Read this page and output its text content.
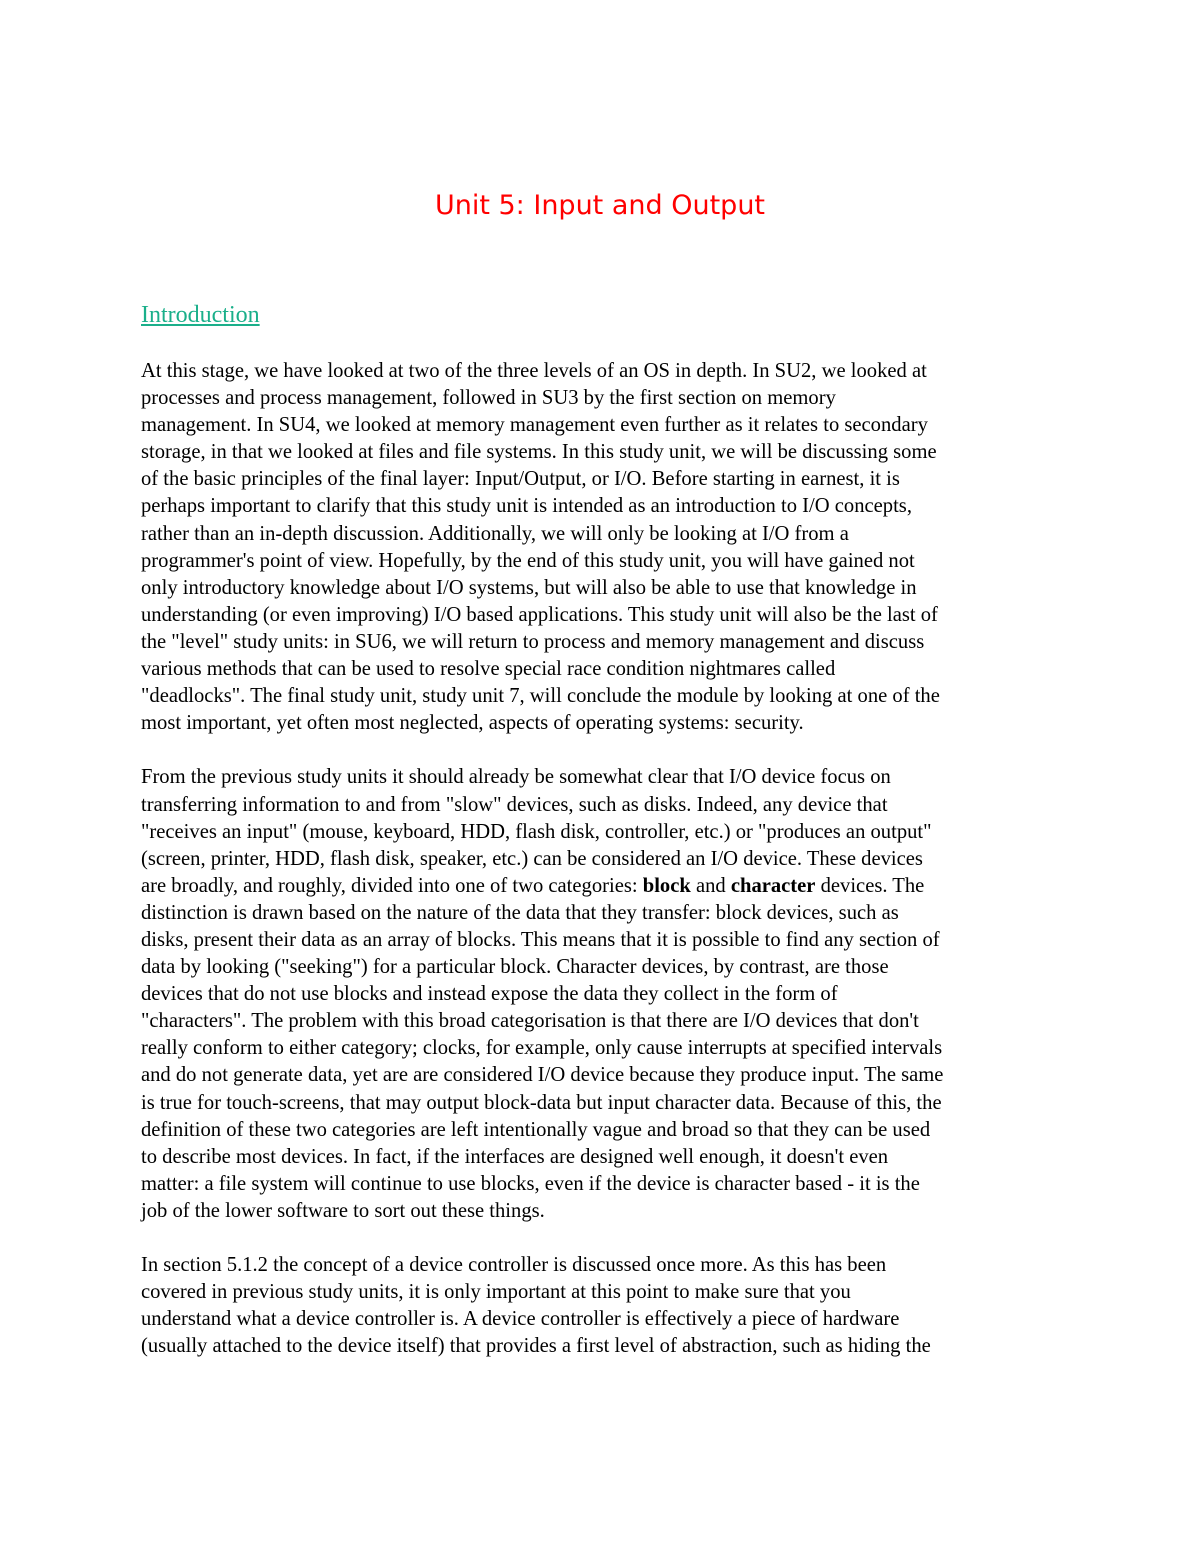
Unit 5: Input and Output
Introduction

At this stage, we have looked at two of the three levels of an OS in depth. In SU2, we looked at
processes and process management, followed in SU3 by the first section on memory
management. In SU4, we looked at memory management even further as it relates to secondary
storage, in that we looked at files and file systems. In this study unit, we will be discussing some
of the basic principles of the final layer: Input/Output, or I/O. Before starting in earnest, it is
perhaps important to clarify that this study unit is intended as an introduction to I/O concepts,
rather than an in-depth discussion. Additionally, we will only be looking at I/O from a
programmer's point of view. Hopefully, by the end of this study unit, you will have gained not
only introductory knowledge about I/O systems, but will also be able to use that knowledge in
understanding (or even improving) I/O based applications. This study unit will also be the last of
the "level" study units: in SU6, we will return to process and memory management and discuss
various methods that can be used to resolve special race condition nightmares called
"deadlocks". The final study unit, study unit 7, will conclude the module by looking at one of the
most important, yet often most neglected, aspects of operating systems: security.

From the previous study units it should already be somewhat clear that I/O device focus on
transferring information to and from "slow" devices, such as disks. Indeed, any device that
"receives an input" (mouse, keyboard, HDD, flash disk, controller, etc.) or "produces an output"
(screen, printer, HDD, flash disk, speaker, etc.) can be considered an I/O device. These devices
are broadly, and roughly, divided into one of two categories: block and character devices. The
distinction is drawn based on the nature of the data that they transfer: block devices, such as
disks, present their data as an array of blocks. This means that it is possible to find any section of
data by looking ("seeking") for a particular block. Character devices, by contrast, are those
devices that do not use blocks and instead expose the data they collect in the form of
"characters". The problem with this broad categorisation is that there are I/O devices that don't
really conform to either category; clocks, for example, only cause interrupts at specified intervals
and do not generate data, yet are are considered I/O device because they produce input. The same
is true for touch-screens, that may output block-data but input character data. Because of this, the
definition of these two categories are left intentionally vague and broad so that they can be used
to describe most devices. In fact, if the interfaces are designed well enough, it doesn't even
matter: a file system will continue to use blocks, even if the device is character based - it is the
job of the lower software to sort out these things.

In section 5.1.2 the concept of a device controller is discussed once more. As this has been
covered in previous study units, it is only important at this point to make sure that you
understand what a device controller is. A device controller is effectively a piece of hardware
(usually attached to the device itself) that provides a first level of abstraction, such as hiding the
